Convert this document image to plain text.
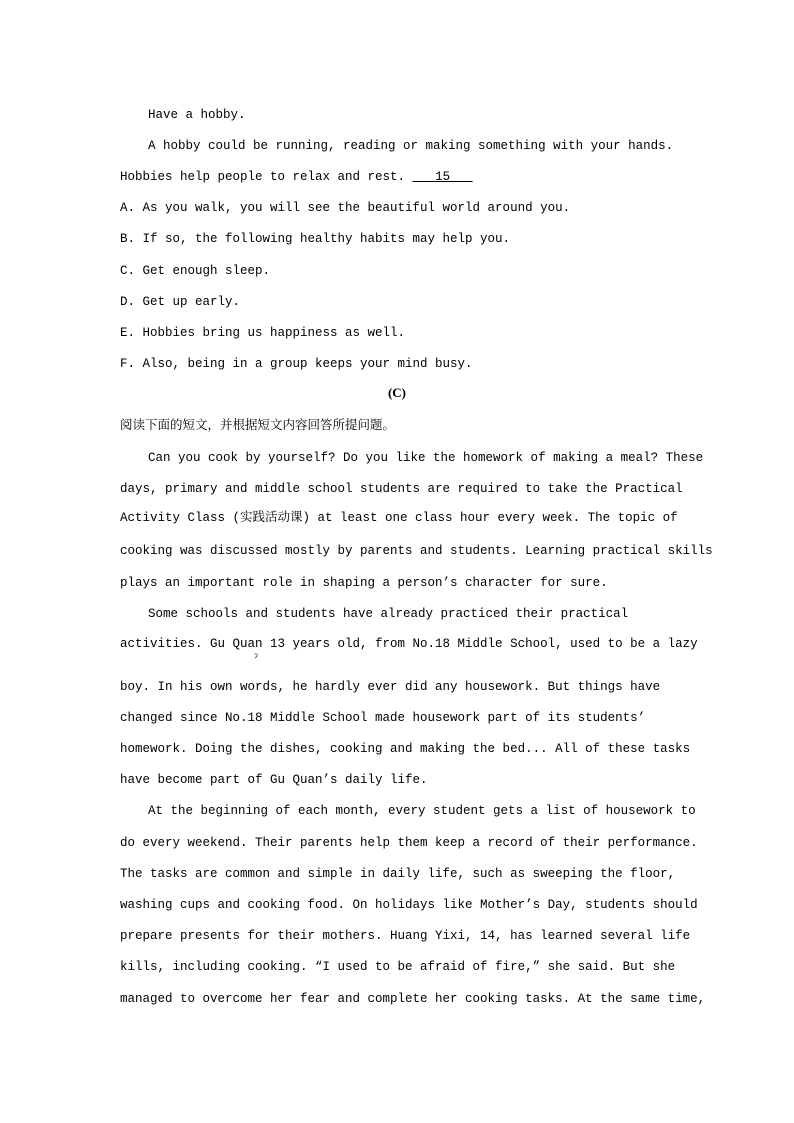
Have a hobby.
A hobby could be running, reading or making something with your hands.
Hobbies help people to relax and rest.    15
A. As you walk, you will see the beautiful world around you.
B. If so, the following healthy habits may help you.
C. Get enough sleep.
D. Get up early.
E. Hobbies bring us happiness as well.
F. Also, being in a group keeps your mind busy.
(C)
阅读下面的短文，并根据短文内容回答所提问题。
Can you cook by yourself? Do you like the homework of making a meal? These
days, primary and middle school students are required to take the Practical
Activity Class (实践活动课) at least one class hour every week. The topic of
cooking was discussed mostly by parents and students. Learning practical skills
plays an important role in shaping a person’s character for sure.
Some schools and students have already practiced their practical
activities. Gu Quan 13 years old, from No.18 Middle School, used to be a lazy
ˀ
boy. In his own words, he hardly ever did any housework. But things have
changed since No.18 Middle School made housework part of its students’
homework. Doing the dishes, cooking and making the bed... All of these tasks
have become part of Gu Quan’s daily life.
At the beginning of each month, every student gets a list of housework to
do every weekend. Their parents help them keep a record of their performance.
The tasks are common and simple in daily life, such as sweeping the floor,
washing cups and cooking food. On holidays like Mother’s Day, students should
prepare presents for their mothers. Huang Yixi, 14, has learned several life
kills, including cooking. “I used to be afraid of fire,” she said. But she
managed to overcome her fear and complete her cooking tasks. At the same time,
